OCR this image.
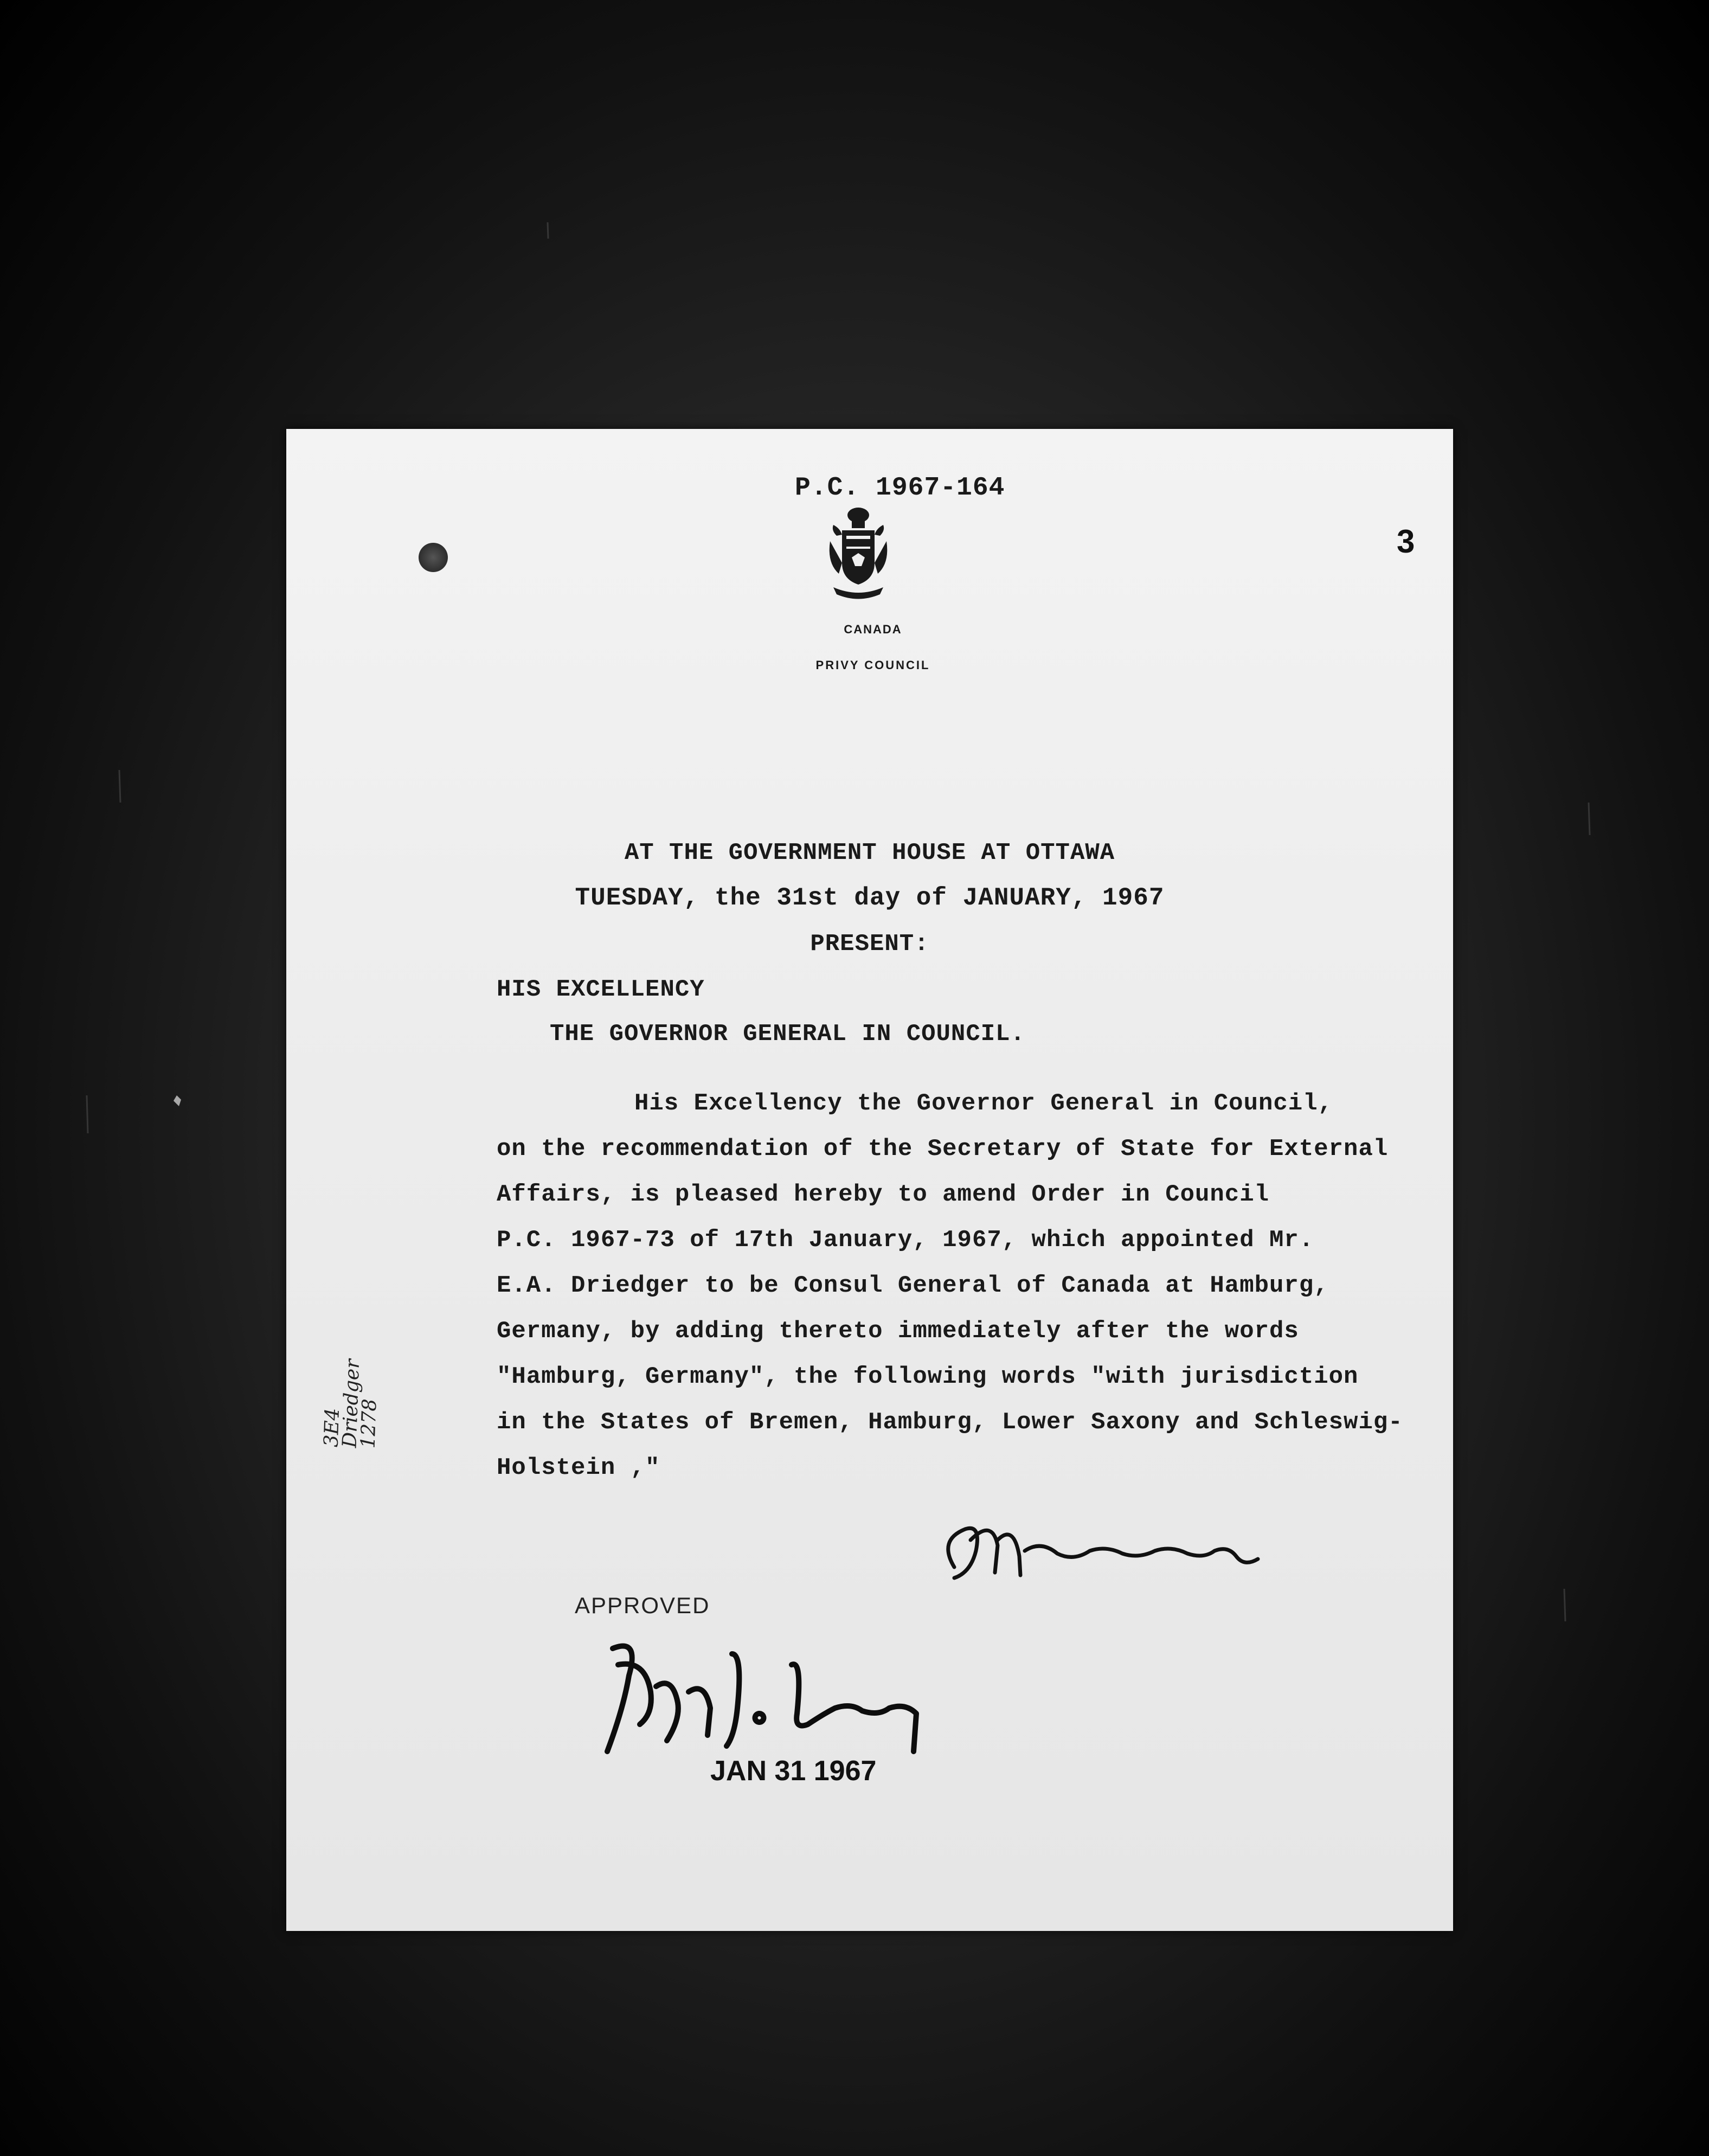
P.C. 1967-164
3
CANADA
PRIVY COUNCIL
AT THE GOVERNMENT HOUSE AT OTTAWA
TUESDAY, the 31st day of JANUARY, 1967
PRESENT:
HIS EXCELLENCY
THE GOVERNOR GENERAL IN COUNCIL.
His Excellency the Governor General in Council,
on the recommendation of the Secretary of State for External
Affairs, is pleased hereby to amend Order in Council
P.C. 1967-73 of 17th January, 1967, which appointed Mr.
E.A. Driedger to be Consul General of Canada at Hamburg,
Germany, by adding thereto immediately after the words
"Hamburg, Germany", the following words "with jurisdiction
in the States of Bremen, Hamburg, Lower Saxony and Schleswig-
Holstein ,"
3E4
Driedger
1278
APPROVED
JAN 31 1967
